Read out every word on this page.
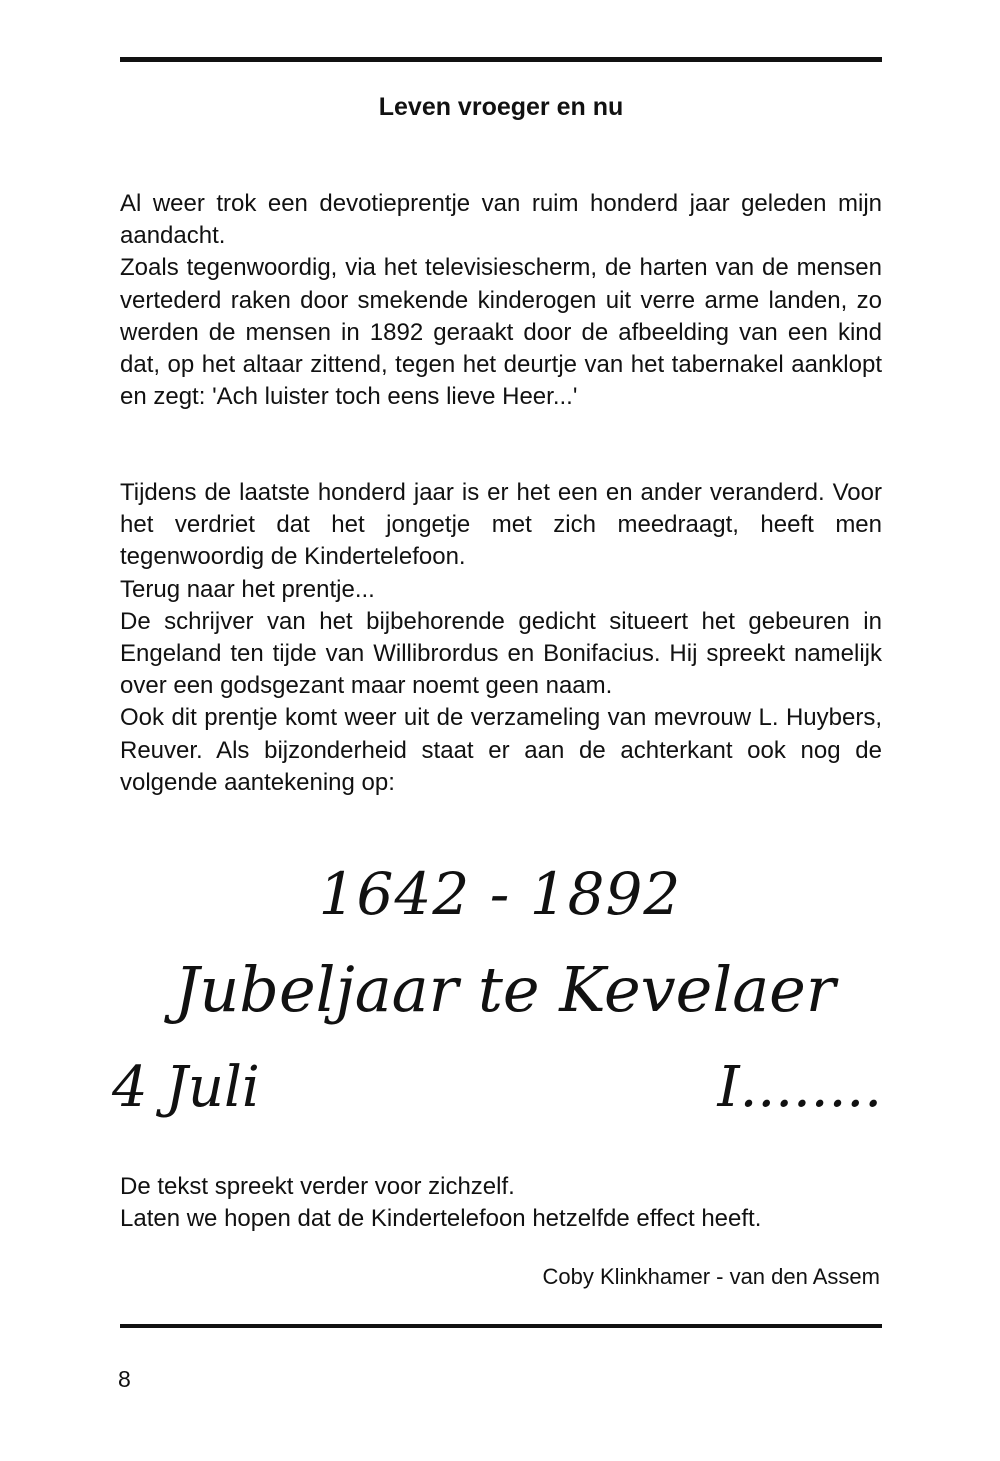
Leven vroeger en nu

Al weer trok een devotieprentje van ruim honderd jaar geleden mijn aandacht.

Zoals tegenwoordig, via het televisiescherm, de harten van de mensen vertederd raken door smekende kinderogen uit verre arme landen, zo werden de mensen in 1892 geraakt door de afbeelding van een kind dat, op het altaar zittend, tegen het deurtje van het tabernakel aanklopt en zegt: 'Ach luister toch eens lieve Heer...'

Tijdens de laatste honderd jaar is er het een en ander veranderd. Voor het verdriet dat het jongetje met zich meedraagt, heeft men tegenwoordig de Kindertelefoon.

Terug naar het prentje...

De schrijver van het bijbehorende gedicht situeert het gebeuren in Engeland ten tijde van Willibrordus en Bonifacius. Hij spreekt namelijk over een godsgezant maar noemt geen naam.

Ook dit prentje komt weer uit de verzameling van mevrouw L. Huybers, Reuver. Als bijzonderheid staat er aan de achterkant ook nog de volgende aantekening op:

1642 - 1892
Jubeljaar te Kevelaer
4 Juli	I........

De tekst spreekt verder voor zichzelf.

Laten we hopen dat de Kindertelefoon hetzelfde effect heeft.

Coby Klinkhamer - van den Assem
8
